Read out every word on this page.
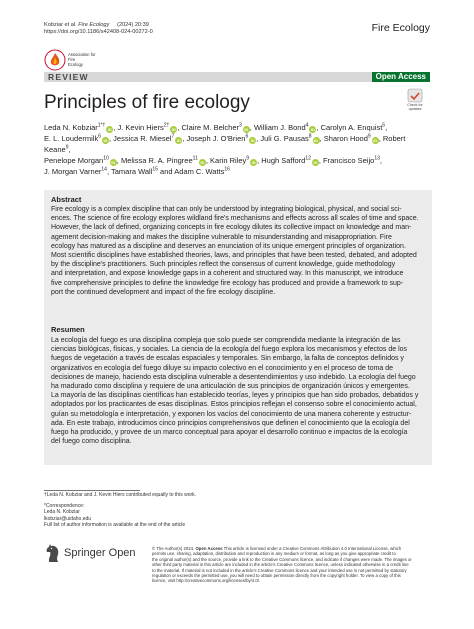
Kobziar et al. Fire Ecology (2024) 20:39
https://doi.org/10.1186/s42408-024-00272-0	Fire Ecology
Association for
Fire
Ecology
REVIEW	Open Access
Check for
updates
Principles of fire ecology
Leda N. Kobziar$^{1*\dagger}$iD , J. Kevin Hiers$^{2\dagger}$iD , Claire M. Belcher$^3$iD , William J. Bond$^4$iD , Carolyn A. Enquist$^5$,
E. L. Loudermilk$^6$iD , Jessica R. Miesel$^7$iD , Joseph J. O'Brien$^6$iD , Juli G. Pausas$^8$iD , Sharon Hood$^9$iD , Robert Keane$^9$,
Penelope Morgan$^{10}$iD , Melissa R. A. Pingree$^{11}$iD , Karin Riley$^9$iD , Hugh Safford$^{12}$iD , Francisco Seijo$^{13}$,
J. Morgan Varner$^{14}$, Tamara Wall$^{15}$ and Adam C. Watts$^{16}$
Abstract
Fire ecology is a complex discipline that can only be understood by integrating biological, physical, and social sci-
ences. The science of fire ecology explores wildland fire's mechanisms and effects across all scales of time and space.
However, the lack of defined, organizing concepts in fire ecology dilutes its collective impact on knowledge and man-
agement decision-making and makes the discipline vulnerable to misunderstanding and misappropriation. Fire
ecology has matured as a discipline and deserves an enunciation of its unique emergent principles of organization.
Most scientific disciplines have established theories, laws, and principles that have been tested, debated, and adopted
by the discipline's practitioners. Such principles reflect the consensus of current knowledge, guide methodology
and interpretation, and expose knowledge gaps in a coherent and structured way. In this manuscript, we introduce
five comprehensive principles to define the knowledge fire ecology has produced and provide a framework to sup-
port the continued development and impact of the fire ecology discipline.
Resumen
La ecología del fuego es una disciplina compleja que solo puede ser comprendida mediante la integración de las
ciencias biológicas, físicas, y sociales. La ciencia de la ecología del fuego explora los mecanismos y efectos de los
fuegos de vegetación a través de escalas espaciales y temporales. Sin embargo, la falta de conceptos definidos y
organizativos en ecología del fuego diluye su impacto colectivo en el conocimiento y en el proceso de toma de
decisiones de manejo, haciendo esta disciplina vulnerable a desentendimientos y uso indebido. La ecología del fuego
ha madurado como disciplina y requiere de una articulación de sus principios de organización únicos y emergentes.
La mayoría de las disciplinas científicas han establecido teorías, leyes y principios que han sido probados, debatidos y
adoptados por los practicantes de esas disciplinas. Estos principios reflejan el consenso sobre el conocimiento actual,
guían su metodología e interpretación, y exponen los vacíos del conocimiento de una manera coherente y estructur-
ada. En este trabajo, introducimos cinco principios comprehensivos que definen el conocimiento que la ecología del
fuego ha producido, y provee de un marco conceptual para apoyar el desarrollo continuo e impactos de la ecología
del fuego como disciplina.
†Leda N. Kobziar and J. Kevin Hiers contributed equally to this work.
*Correspondence:
Leda N. Kobziar
lkobziar@uidaho.edu
Full list of author information is available at the end of the article
Springer Open	© The Author(s) 2024. Open Access This article is licensed under a Creative Commons Attribution 4.0 International License, which
permits use, sharing, adaptation, distribution and reproduction in any medium or format, as long as you give appropriate credit to
the original author(s) and the source, provide a link to the Creative Commons licence, and indicate if changes were made. The images or
other third party material in this article are included in the article's Creative Commons licence, unless indicated otherwise in a credit line
to the material. If material is not included in the article's Creative Commons licence and your intended use is not permitted by statutory
regulation or exceeds the permitted use, you will need to obtain permission directly from the copyright holder. To view a copy of this
licence, visit http://creativecommons.org/licenses/by/4.0/.
